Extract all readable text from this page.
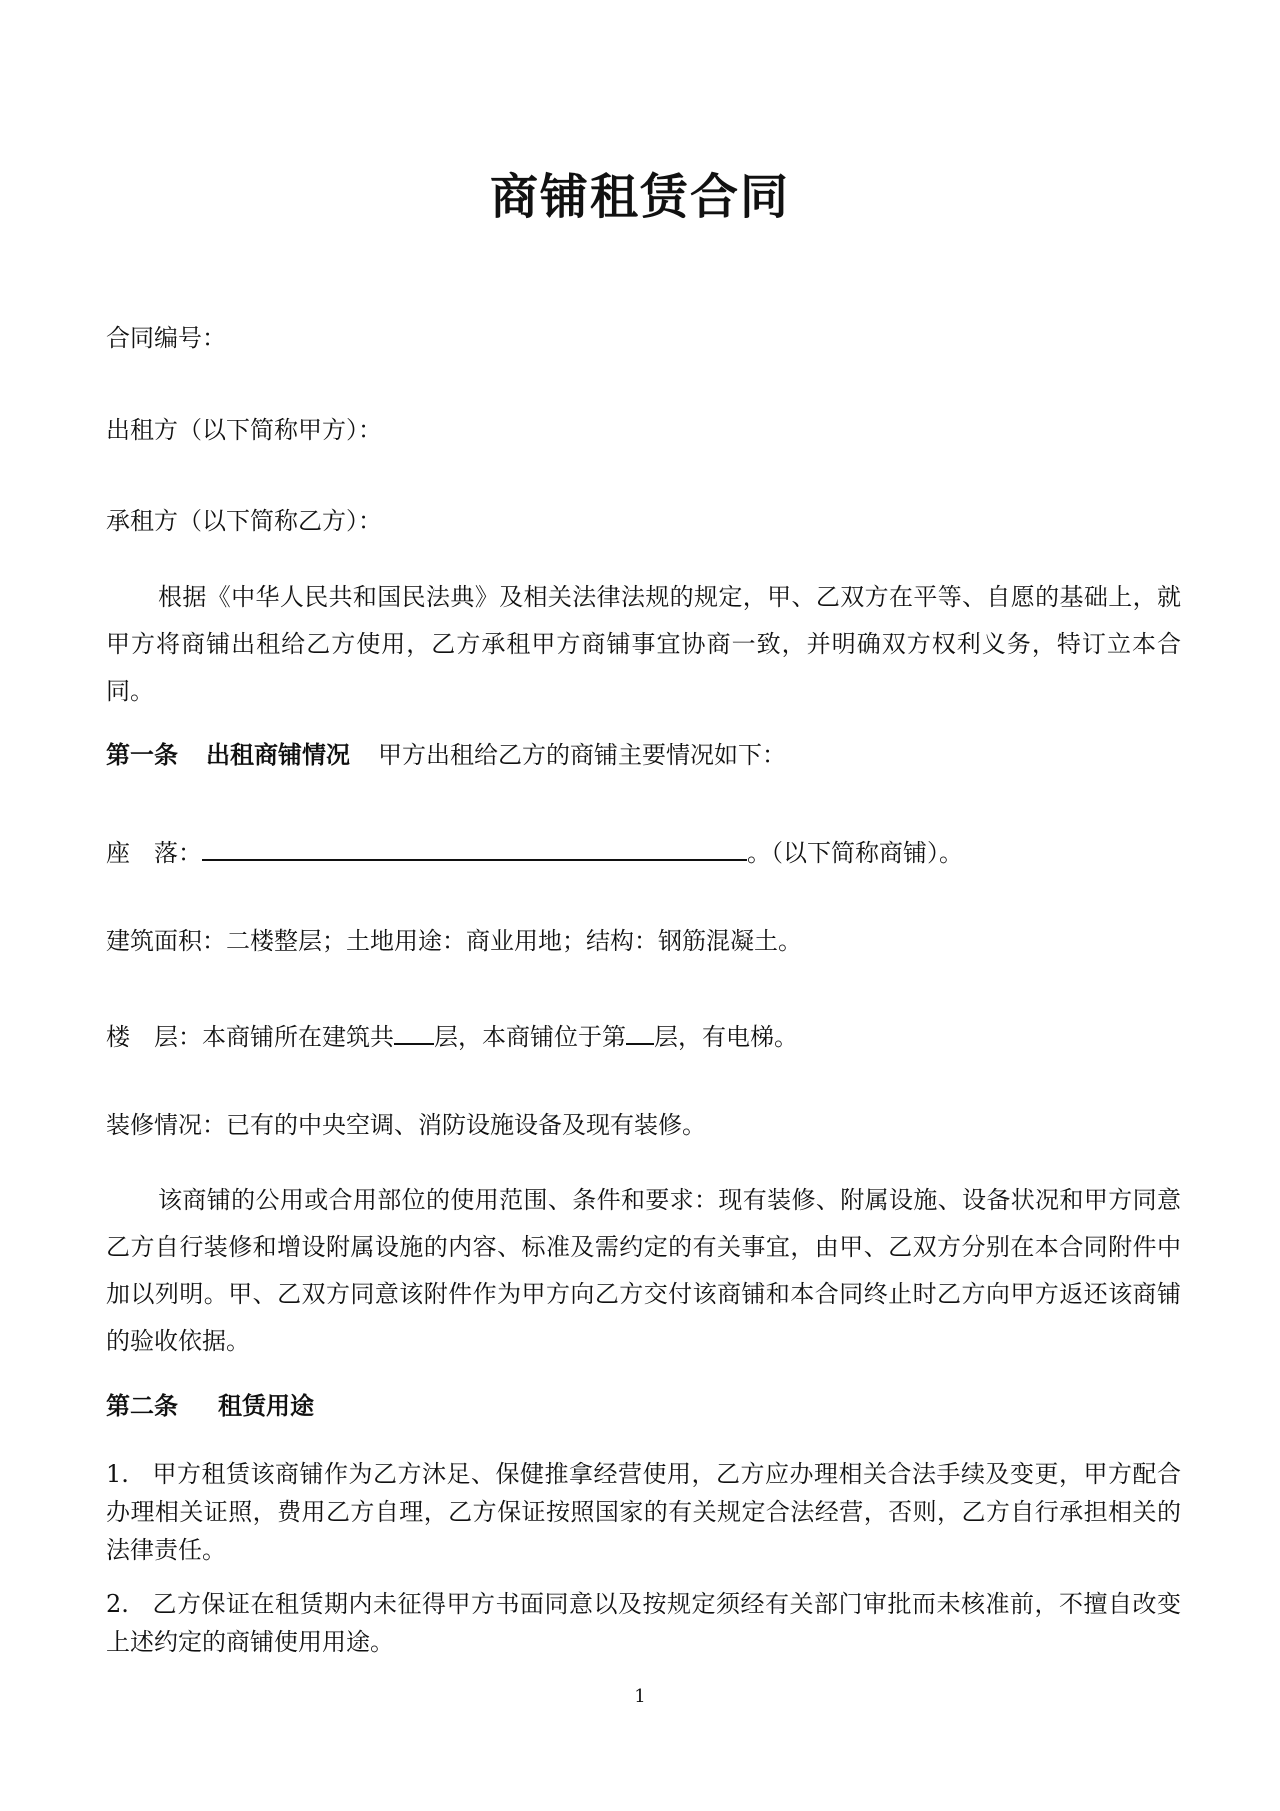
商铺租赁合同

合同编号：

出租方（以下简称甲方）：

承租方（以下简称乙方）：

根据《中华人民共和国民法典》及相关法律法规的规定，甲、乙双方在平等、自愿的基础上，就甲方将商铺出租给乙方使用，乙方承租甲方商铺事宜协商一致，并明确双方权利义务，特订立本合同。

第一条 出租商铺情况 甲方出租给乙方的商铺主要情况如下：

座　落：	。（以下简称商铺）。

建筑面积：二楼整层；土地用途：商业用地；结构：钢筋混凝土。

楼　层：本商铺所在建筑共 层，本商铺位于第 层，有电梯。

装修情况：已有的中央空调、消防设施设备及现有装修。

该商铺的公用或合用部位的使用范围、条件和要求：现有装修、附属设施、设备状况和甲方同意乙方自行装修和增设附属设施的内容、标准及需约定的有关事宜，由甲、乙双方分别在本合同附件中加以列明。甲、乙双方同意该附件作为甲方向乙方交付该商铺和本合同终止时乙方向甲方返还该商铺的验收依据。

第二条 租赁用途

1. 甲方租赁该商铺作为乙方沐足、保健推拿经营使用，乙方应办理相关合法手续及变更，甲方配合办理相关证照，费用乙方自理，乙方保证按照国家的有关规定合法经营，否则，乙方自行承担相关的法律责任。

2. 乙方保证在租赁期内未征得甲方书面同意以及按规定须经有关部门审批而未核准前，不擅自改变上述约定的商铺使用用途。

1
